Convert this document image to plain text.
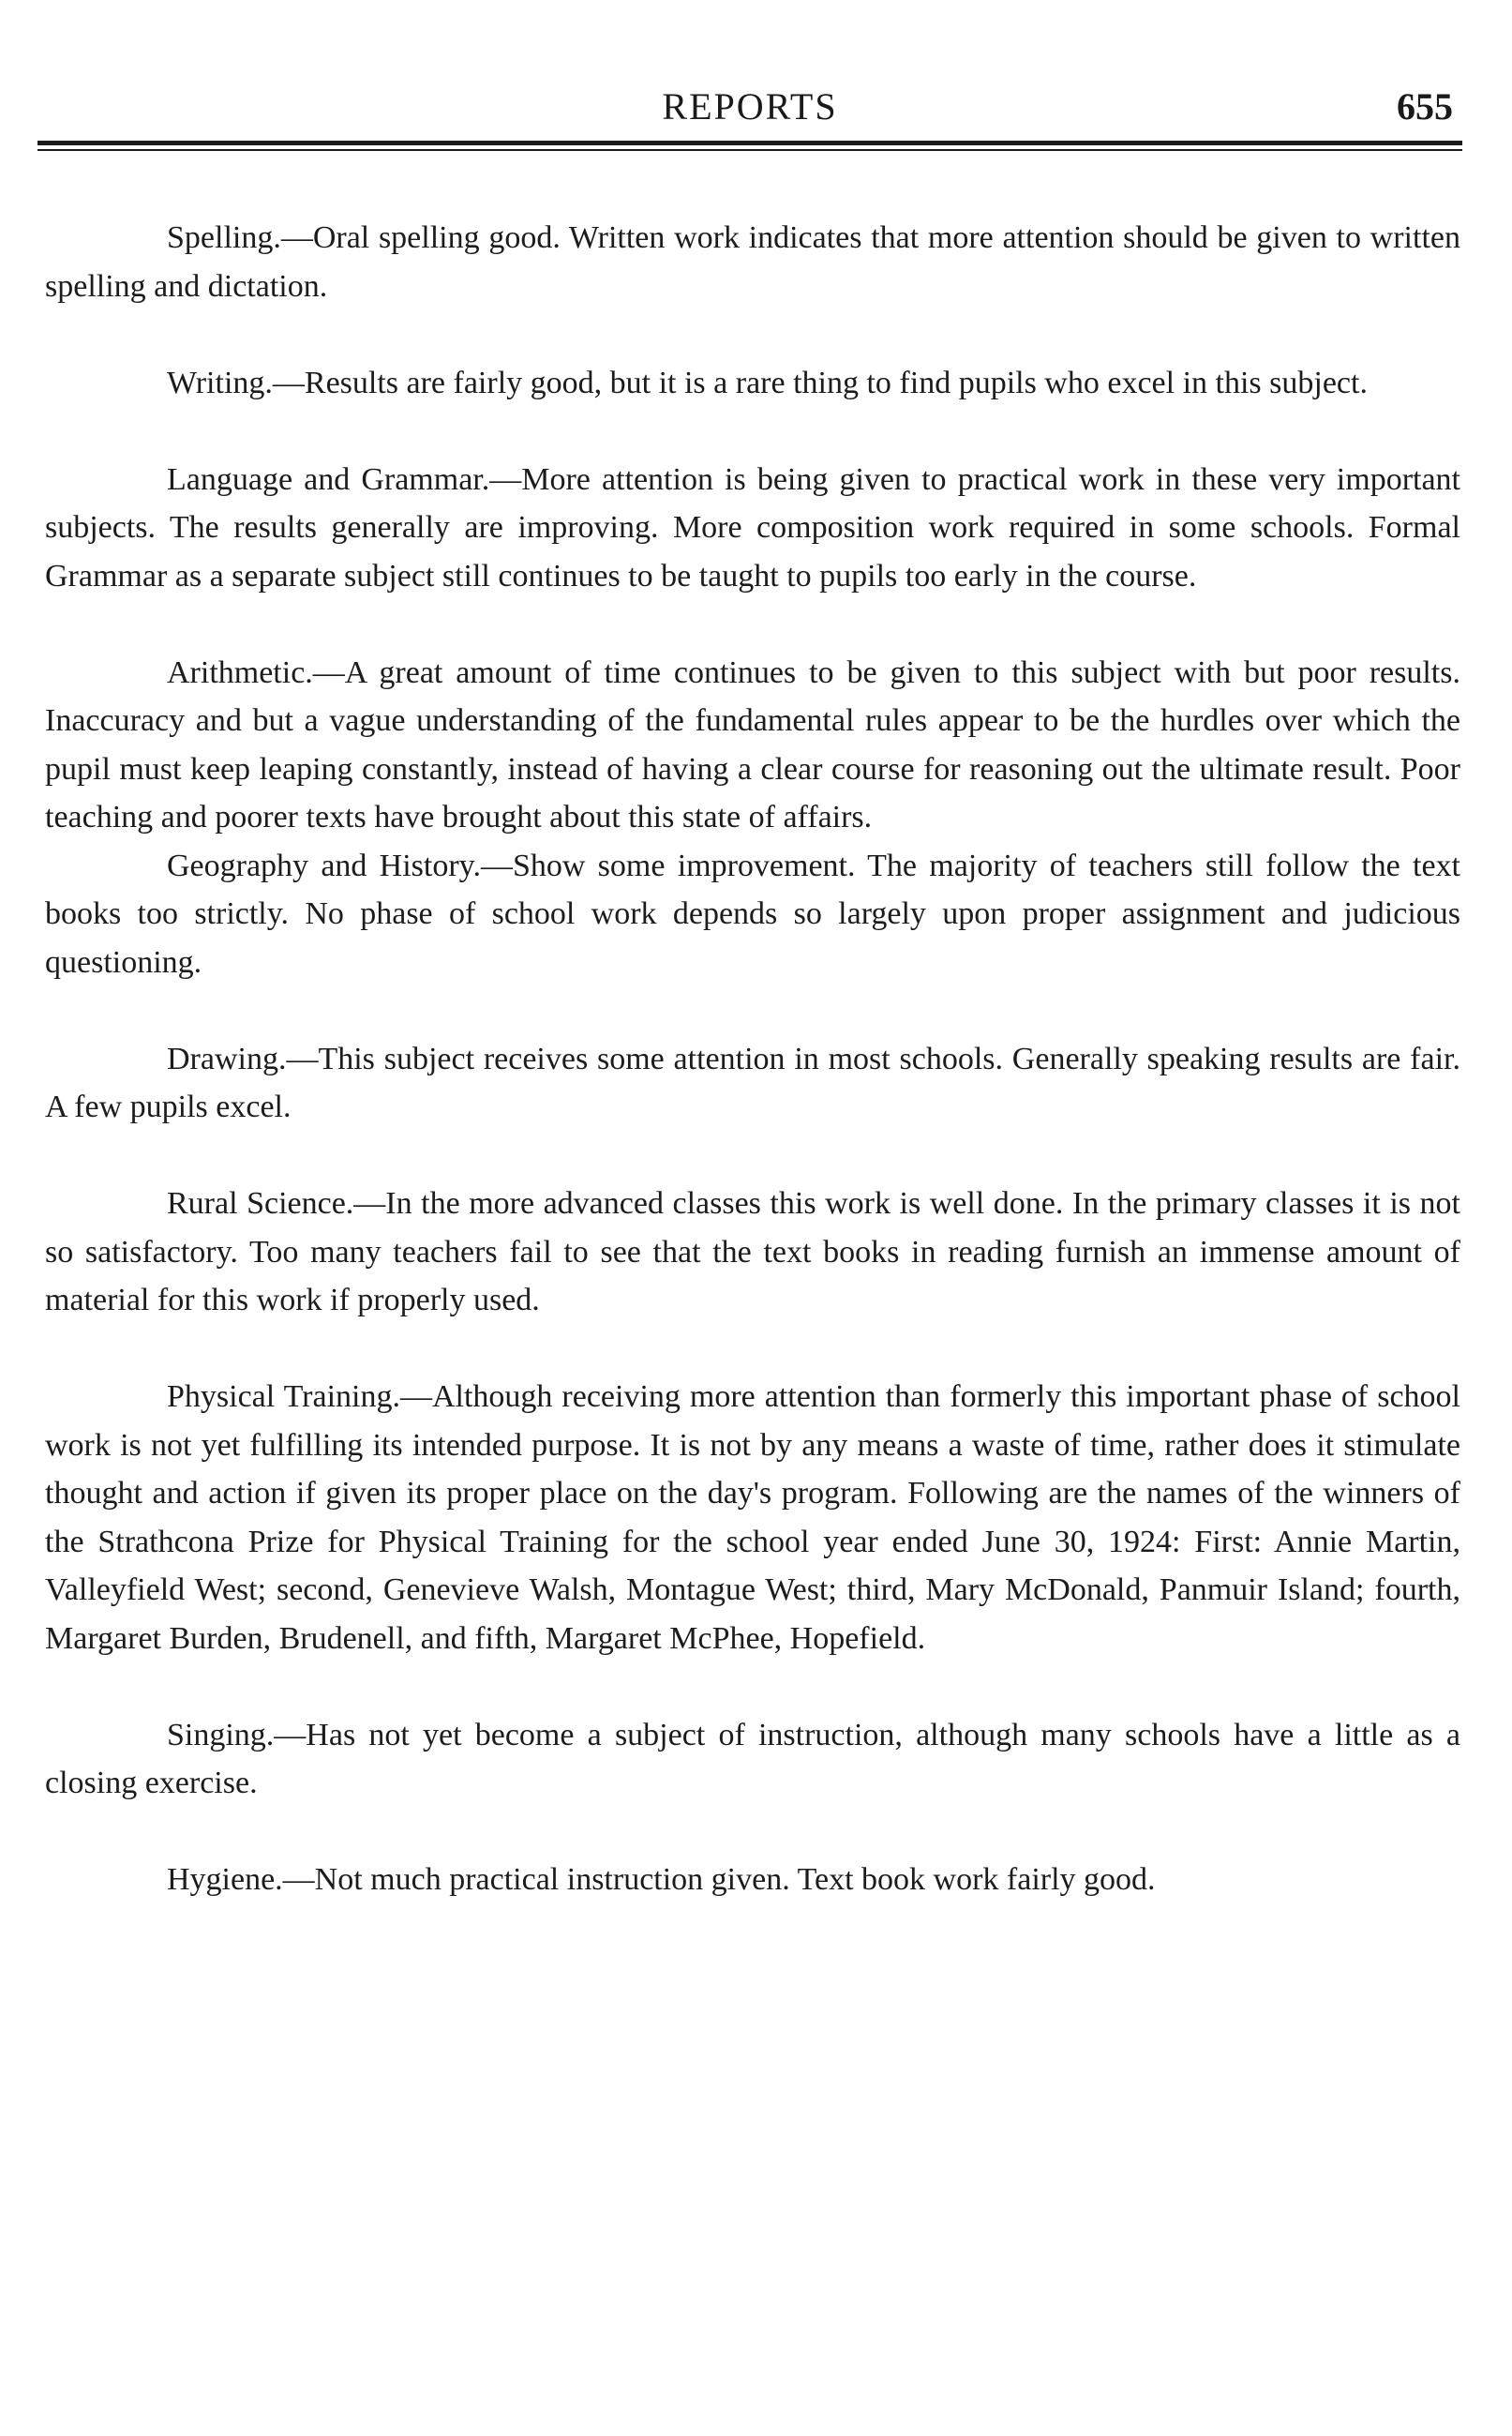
REPORTS	655

Spelling.—Oral spelling good. Written work indicates that more attention should be given to written spelling and dictation.

Writing.—Results are fairly good, but it is a rare thing to find pupils who excel in this subject.

Language and Grammar.—More attention is being given to practical work in these very important subjects. The results generally are improving. More composition work required in some schools. Formal Grammar as a separate subject still continues to be taught to pupils too early in the course.

Arithmetic.—A great amount of time continues to be given to this subject with but poor results. Inaccuracy and but a vague understanding of the fundamental rules appear to be the hurdles over which the pupil must keep leaping constantly, instead of having a clear course for reasoning out the ultimate result. Poor teaching and poorer texts have brought about this state of affairs.

Geography and History.—Show some improvement. The majority of teachers still follow the text books too strictly. No phase of school work depends so largely upon proper assignment and judicious questioning.

Drawing.—This subject receives some attention in most schools. Generally speaking results are fair. A few pupils excel.

Rural Science.—In the more advanced classes this work is well done. In the primary classes it is not so satisfactory. Too many teachers fail to see that the text books in reading furnish an immense amount of material for this work if properly used.

Physical Training.—Although receiving more attention than formerly this important phase of school work is not yet fulfilling its intended purpose. It is not by any means a waste of time, rather does it stimulate thought and action if given its proper place on the day's program. Following are the names of the winners of the Strathcona Prize for Physical Training for the school year ended June 30, 1924: First: Annie Martin, Valleyfield West; second, Genevieve Walsh, Montague West; third, Mary McDonald, Panmuir Island; fourth, Margaret Burden, Brudenell, and fifth, Margaret McPhee, Hopefield.

Singing.—Has not yet become a subject of instruction, although many schools have a little as a closing exercise.

Hygiene.—Not much practical instruction given. Text book work fairly good.
